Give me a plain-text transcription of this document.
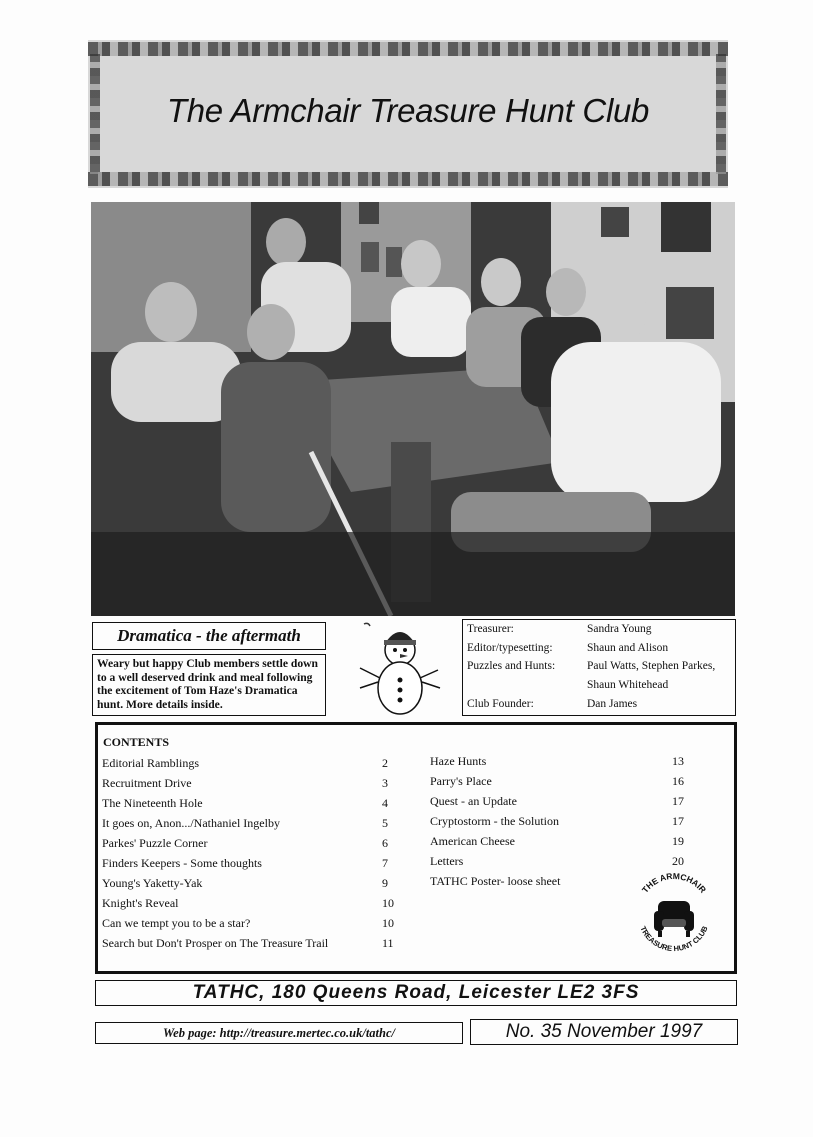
The Armchair Treasure Hunt Club
Dramatica - the aftermath
Weary but happy Club members settle down to a well deserved drink and meal following the excitement of Tom Haze's Dramatica hunt. More details inside.
Treasurer:	Sandra Young
Editor/typesetting:	Shaun and Alison
Puzzles and Hunts:	Paul Watts, Stephen Parkes,
Shaun Whitehead
Club Founder:	Dan James
CONTENTS
Editorial Ramblings	2
Recruitment Drive	3
The Nineteenth Hole	4
It goes on, Anon.../Nathaniel Ingelby	5
Parkes' Puzzle Corner	6
Finders Keepers - Some thoughts	7
Young's Yaketty-Yak	9
Knight's Reveal	10
Can we tempt you to be a star?	10
Search but Don't Prosper on The Treasure Trail	11
Haze Hunts	13
Parry's Place	16
Quest - an Update	17
Cryptostorm - the Solution	17
American Cheese	19
Letters	20
TATHC Poster- loose sheet
THE ARMCHAIR
TREASURE HUNT CLUB
TATHC, 180 Queens Road, Leicester LE2 3FS
Web page: http://treasure.mertec.co.uk/tathc/	No. 35 November 1997
